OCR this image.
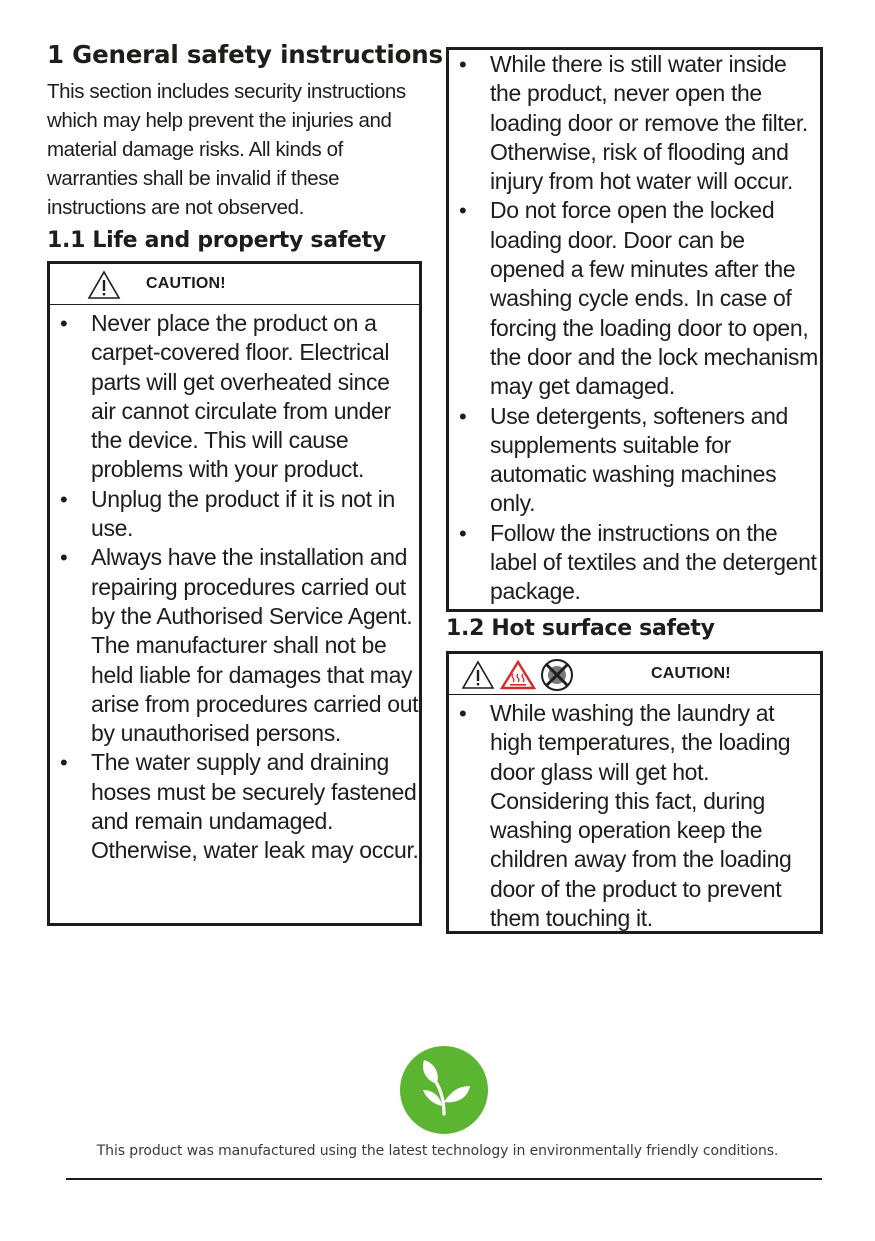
1 General safety instructions

This section includes security instructions which may help prevent the injuries and material damage risks. All kinds of warranties shall be invalid if these instructions are not observed.

1.1 Life and property safety
CAUTION!
• Never place the product on a carpet-covered floor. Electrical parts will get overheated since air cannot circulate from under the device. This will cause problems with your product.
• Unplug the product if it is not in use.
• Always have the installation and repairing procedures carried out by the Authorised Service Agent. The manufacturer shall not be held liable for damages that may arise from procedures carried out by unauthorised persons.
• The water supply and draining hoses must be securely fastened and remain undamaged. Otherwise, water leak may occur.
• While there is still water inside the product, never open the loading door or remove the filter. Otherwise, risk of flooding and injury from hot water will occur.
• Do not force open the locked loading door. Door can be opened a few minutes after the washing cycle ends. In case of forcing the loading door to open, the door and the lock mechanism may get damaged.
• Use detergents, softeners and supplements suitable for automatic washing machines only.
• Follow the instructions on the label of textiles and the detergent package.
1.2 Hot surface safety
CAUTION!
• While washing the laundry at high temperatures, the loading door glass will get hot. Considering this fact, during washing operation keep the children away from the loading door of the product to prevent them touching it.
This product was manufactured using the latest technology in environmentally friendly conditions.
